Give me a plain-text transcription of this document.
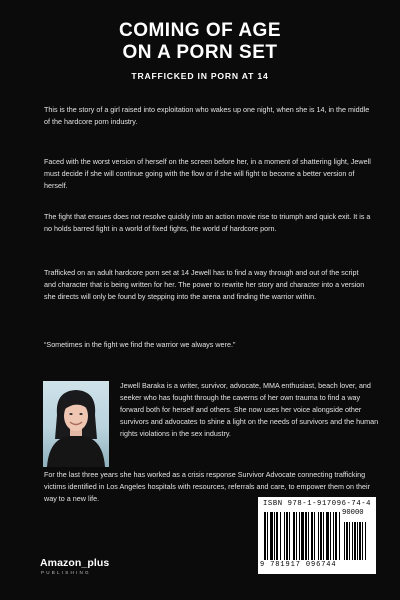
COMING OF AGE
ON A PORN SET
TRAFFICKED IN PORN AT 14
This is the story of a girl raised into exploitation who wakes up one night, when she is 14, in the middle of the hardcore porn industry.
Faced with the worst version of herself on the screen before her, in a moment of shattering light, Jewell must decide if she will continue going with the flow or if she will fight to become a better version of herself.
The fight that ensues does not resolve quickly into an action movie rise to triumph and quick exit. It is a no holds barred fight in a world of fixed fights, the world of hardcore porn.
Trafficked on an adult hardcore porn set at 14 Jewell has to find a way through and out of the script and character that is being written for her. The power to rewrite her story and character into a version she directs will only be found by stepping into the arena and finding the warrior within.
“Sometimes in the fight we find the warrior we always were.”
Jewell Baraka is a writer, survivor, advocate, MMA enthusiast, beach lover, and seeker who has fought through the caverns of her own trauma to find a way forward both for herself and others. She now uses her voice alongside other survivors and advocates to shine a light on the needs of survivors and the human rights violations in the sex industry.
For the last three years she has worked as a crisis response Survivor Advocate connecting trafficking victims identified in Los Angeles hospitals with resources, referrals and care, to empower them on their way to a new life.
Amazon_plus
PUBLISHING
ISBN 978-1-917096-74-4
90000
9 781917 096744
